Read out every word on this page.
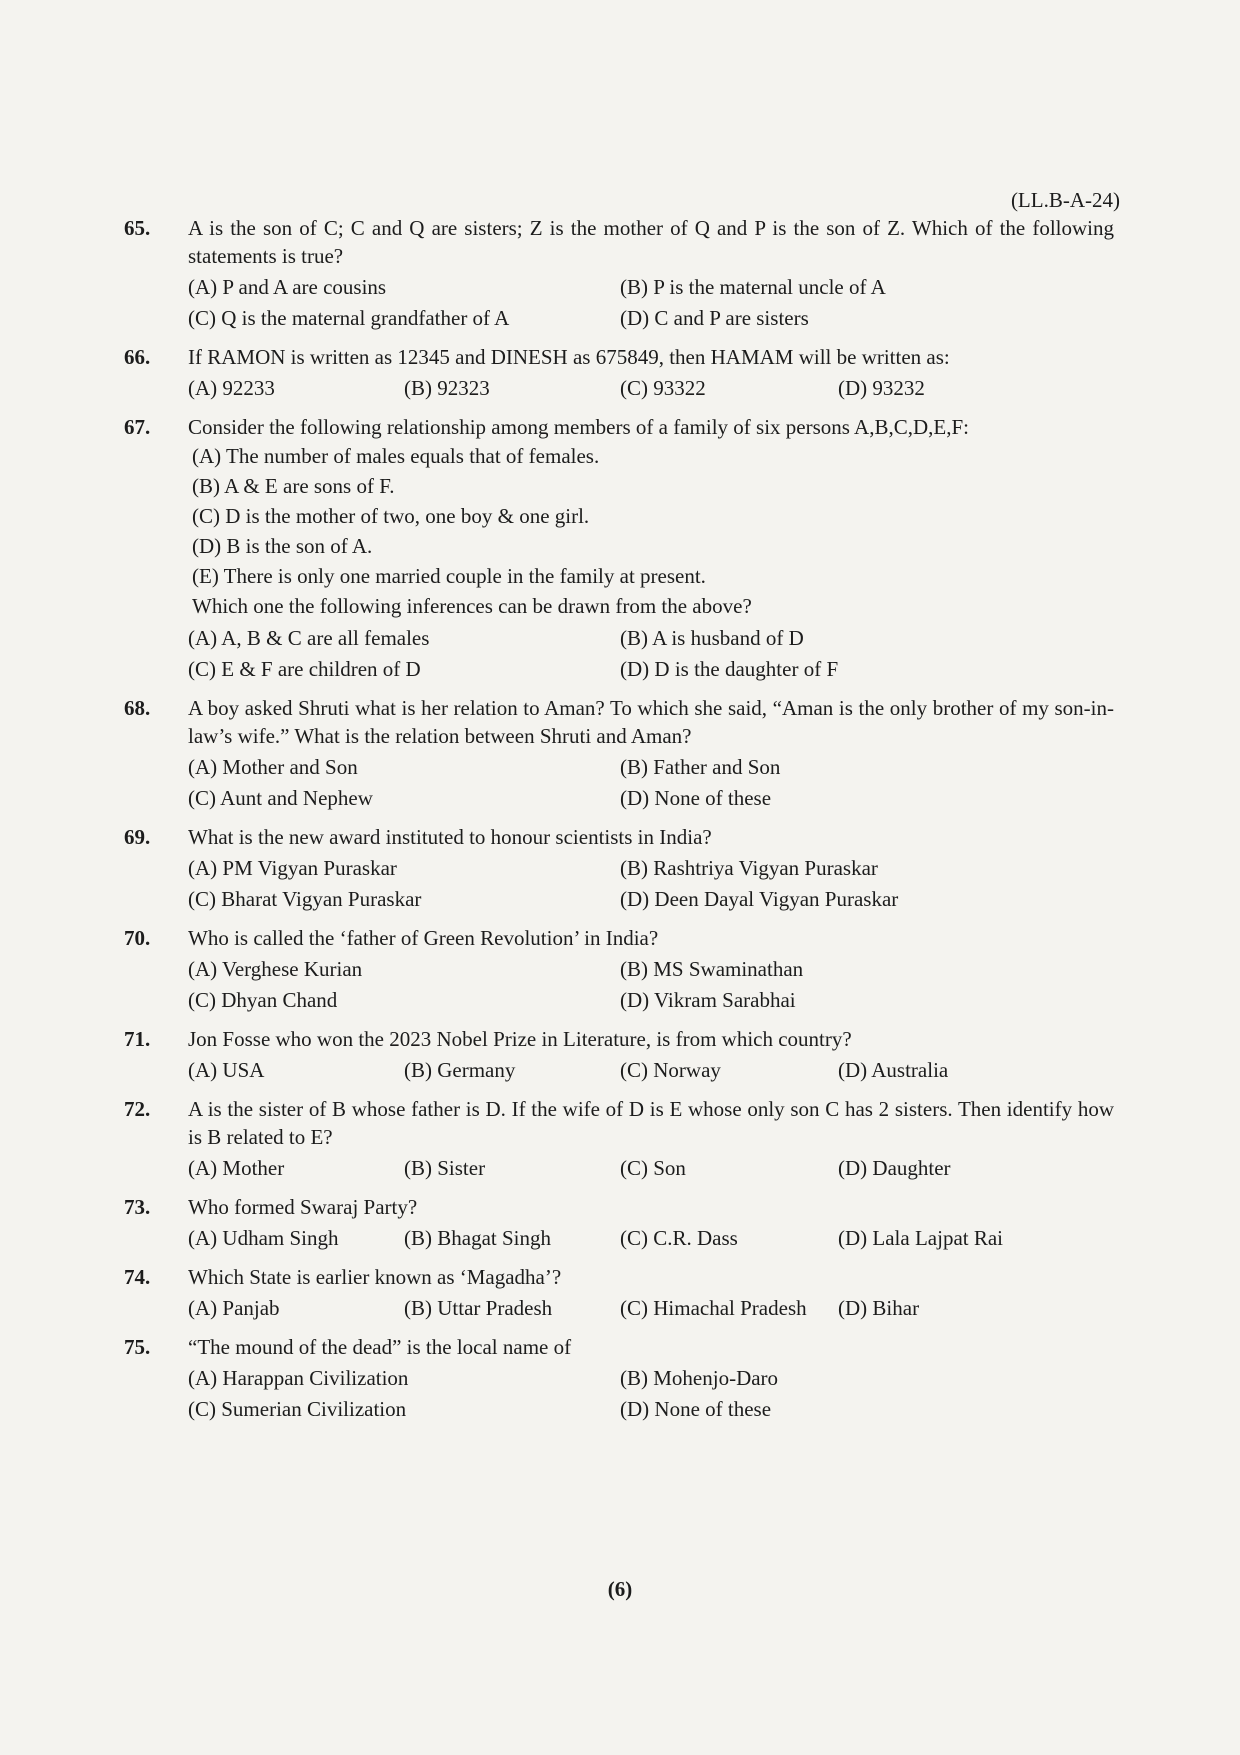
(LL.B-A-24)
65.	A is the son of C; C and Q are sisters; Z is the mother of Q and P is the son of Z. Which of the following statements is true?
(A) P and A are cousins	(B) P is the maternal uncle of A
(C) Q is the maternal grandfather of A	(D) C and P are sisters
66.	If RAMON is written as 12345 and DINESH as 675849, then HAMAM will be written as:
(A) 92233	(B) 92323	(C) 93322	(D) 93232
67.	Consider the following relationship among members of a family of six persons A,B,C,D,E,F:
(A) The number of males equals that of females.
(B) A & E are sons of F.
(C) D is the mother of two, one boy & one girl.
(D) B is the son of A.
(E) There is only one married couple in the family at present.
Which one the following inferences can be drawn from the above?
(A) A, B & C are all females	(B) A is husband of D
(C) E & F are children of D	(D) D is the daughter of F
68.	A boy asked Shruti what is her relation to Aman? To which she said, “Aman is the only brother of my son-in-law’s wife.” What is the relation between Shruti and Aman?
(A) Mother and Son	(B) Father and Son
(C) Aunt and Nephew	(D) None of these
69.	What is the new award instituted to honour scientists in India?
(A) PM Vigyan Puraskar	(B) Rashtriya Vigyan Puraskar
(C) Bharat Vigyan Puraskar	(D) Deen Dayal Vigyan Puraskar
70.	Who is called the ‘father of Green Revolution’ in India?
(A) Verghese Kurian	(B) MS Swaminathan
(C) Dhyan Chand	(D) Vikram Sarabhai
71.	Jon Fosse who won the 2023 Nobel Prize in Literature, is from which country?
(A) USA	(B) Germany	(C) Norway	(D) Australia
72.	A is the sister of B whose father is D. If the wife of D is E whose only son C has 2 sisters. Then identify how is B related to E?
(A) Mother	(B) Sister	(C) Son	(D) Daughter
73.	Who formed Swaraj Party?
(A) Udham Singh	(B) Bhagat Singh	(C) C.R. Dass	(D) Lala Lajpat Rai
74.	Which State is earlier known as ‘Magadha’?
(A) Panjab	(B) Uttar Pradesh	(C) Himachal Pradesh	(D) Bihar
75.	“The mound of the dead” is the local name of
(A) Harappan Civilization	(B) Mohenjo-Daro
(C) Sumerian Civilization	(D) None of these
(6)
